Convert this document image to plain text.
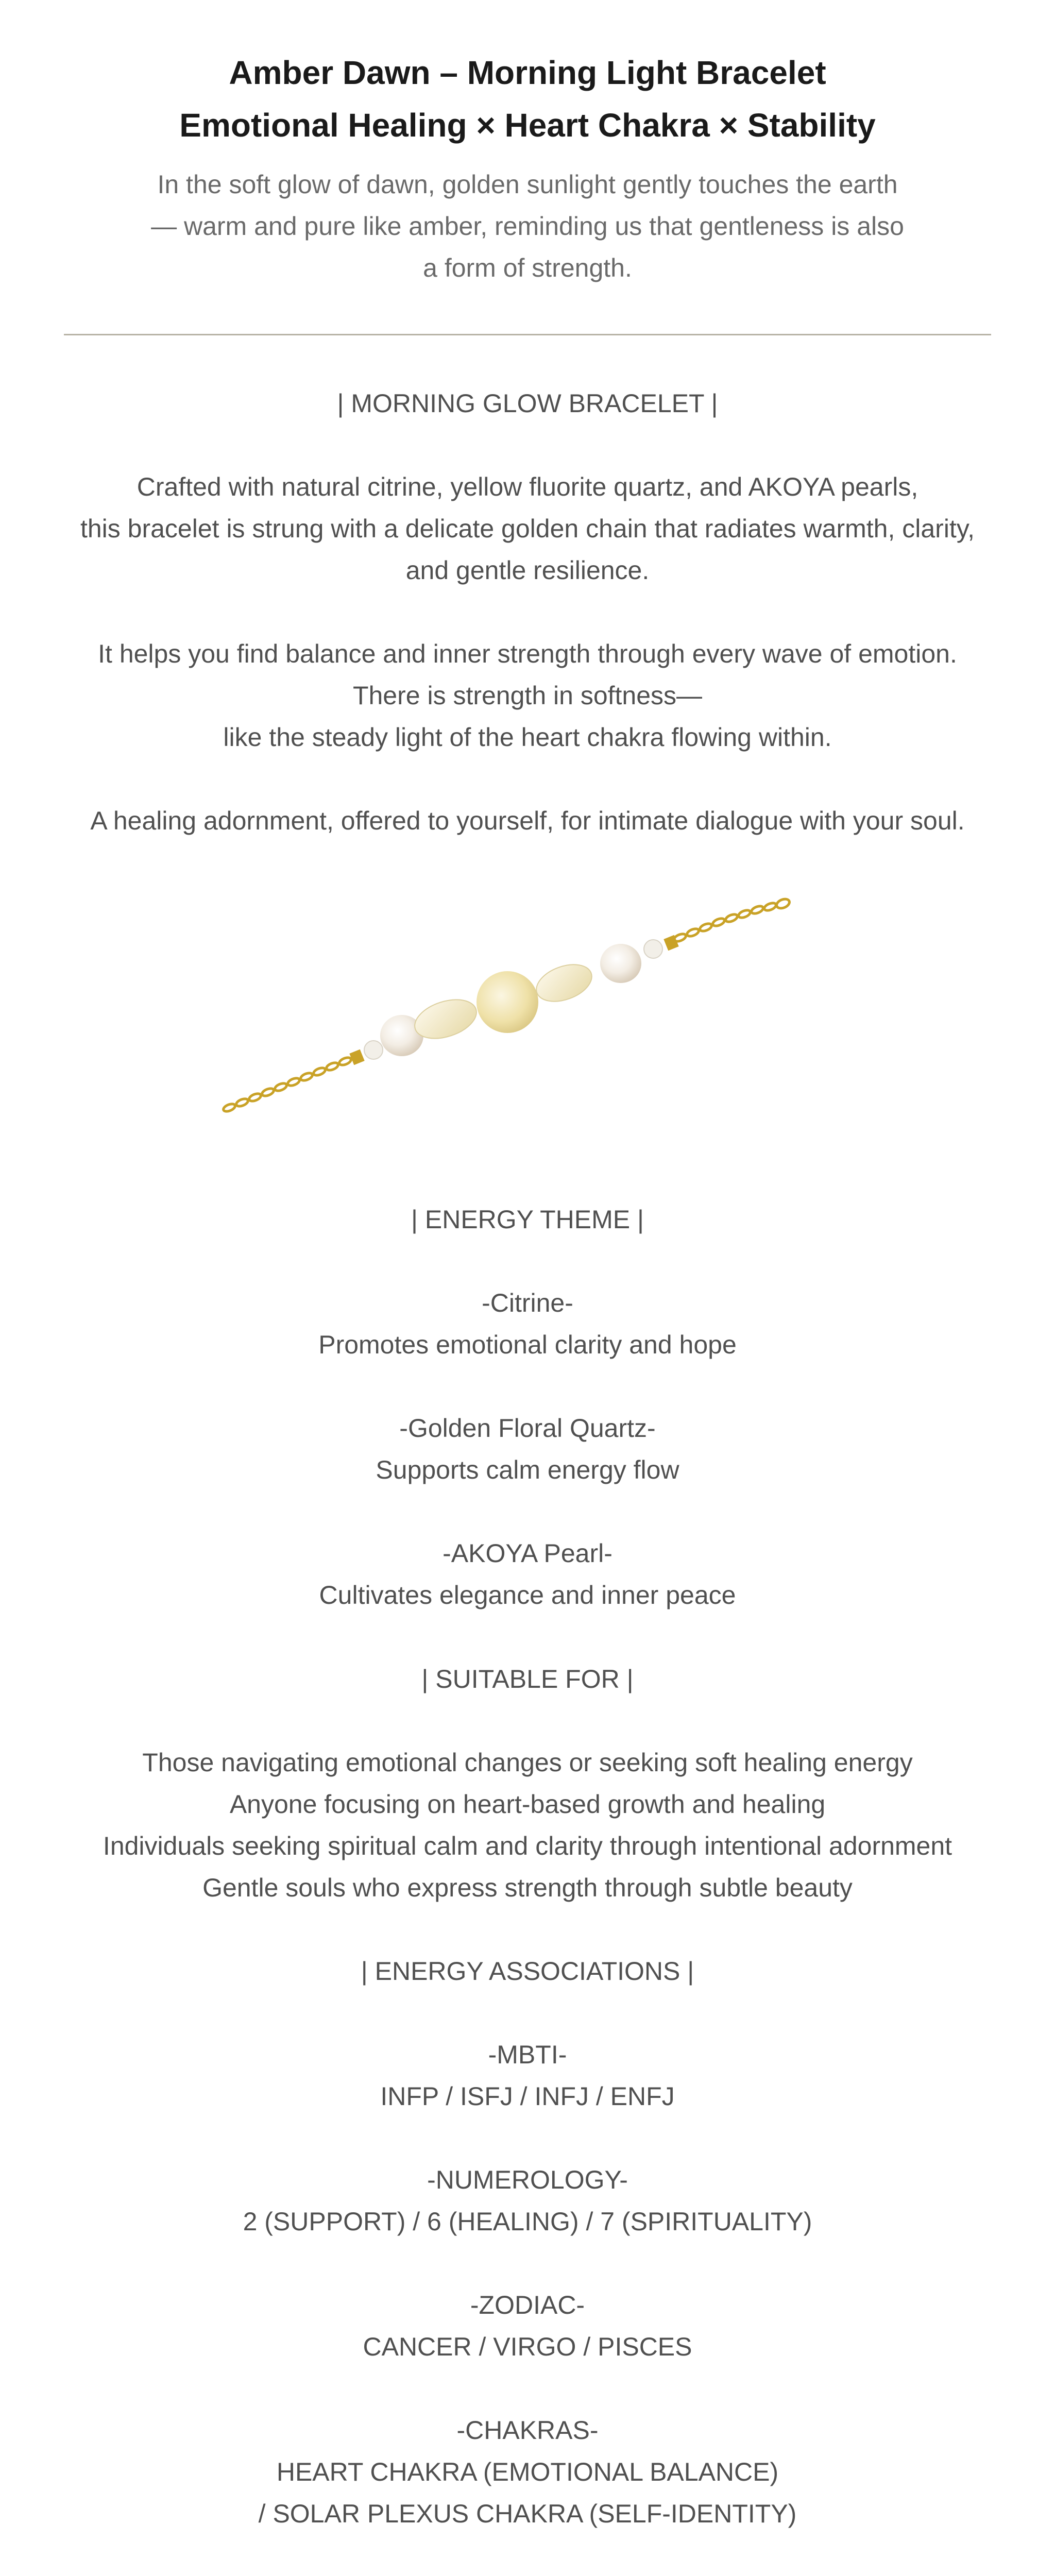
Amber Dawn – Morning Light Bracelet
Emotional Healing × Heart Chakra × Stability
In the soft glow of dawn, golden sunlight gently touches the earth
— warm and pure like amber, reminding us that gentleness is also
a form of strength.
| MORNING GLOW BRACELET |
Crafted with natural citrine, yellow fluorite quartz, and AKOYA pearls,
this bracelet is strung with a delicate golden chain that radiates warmth, clarity,
and gentle resilience.
It helps you find balance and inner strength through every wave of emotion.
There is strength in softness—
like the steady light of the heart chakra flowing within.
A healing adornment, offered to yourself, for intimate dialogue with your soul.
| ENERGY THEME |
-Citrine-
Promotes emotional clarity and hope
-Golden Floral Quartz-
Supports calm energy flow
-AKOYA Pearl-
Cultivates elegance and inner peace
| SUITABLE FOR |
Those navigating emotional changes or seeking soft healing energy
Anyone focusing on heart-based growth and healing
Individuals seeking spiritual calm and clarity through intentional adornment
Gentle souls who express strength through subtle beauty
| ENERGY ASSOCIATIONS |
-MBTI-
INFP / ISFJ / INFJ / ENFJ
-NUMEROLOGY-
2 (SUPPORT) / 6 (HEALING) / 7 (SPIRITUALITY)
-ZODIAC-
CANCER / VIRGO / PISCES
-CHAKRAS-
HEART CHAKRA (EMOTIONAL BALANCE)
/ SOLAR PLEXUS CHAKRA (SELF-IDENTITY)
